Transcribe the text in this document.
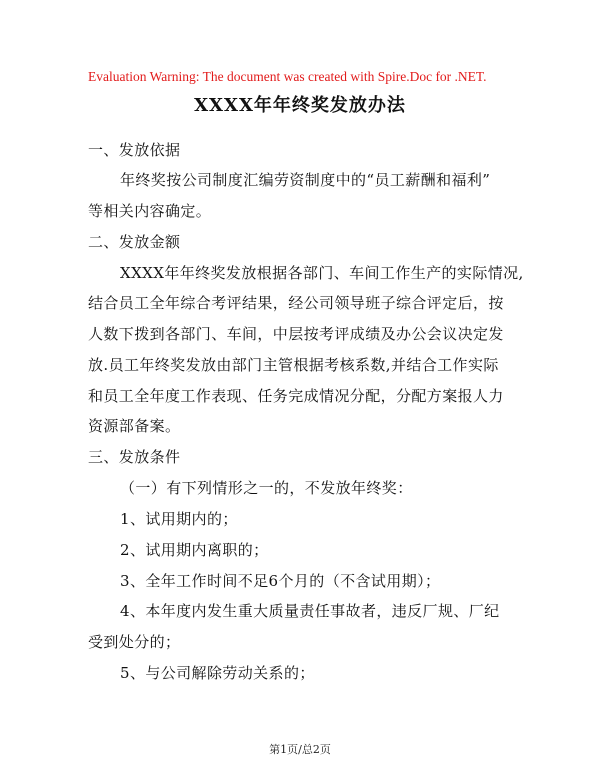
Evaluation Warning: The document was created with Spire.Doc for .NET.
XXXX年年终奖发放办法
一、发放依据
年终奖按公司制度汇编劳资制度中的“员工薪酬和福利”
等相关内容确定。
二、发放金额
XXXX年年终奖发放根据各部门、车间工作生产的实际情况,
结合员工全年综合考评结果，经公司领导班子综合评定后，按
人数下拨到各部门、车间，中层按考评成绩及办公会议决定发
放.员工年终奖发放由部门主管根据考核系数,并结合工作实际
和员工全年度工作表现、任务完成情况分配，分配方案报人力
资源部备案。
三、发放条件
（一）有下列情形之一的，不发放年终奖：
1、试用期内的；
2、试用期内离职的；
3、全年工作时间不足6个月的（不含试用期）；
4、本年度内发生重大质量责任事故者，违反厂规、厂纪
受到处分的；
5、与公司解除劳动关系的；
第1页/总2页
